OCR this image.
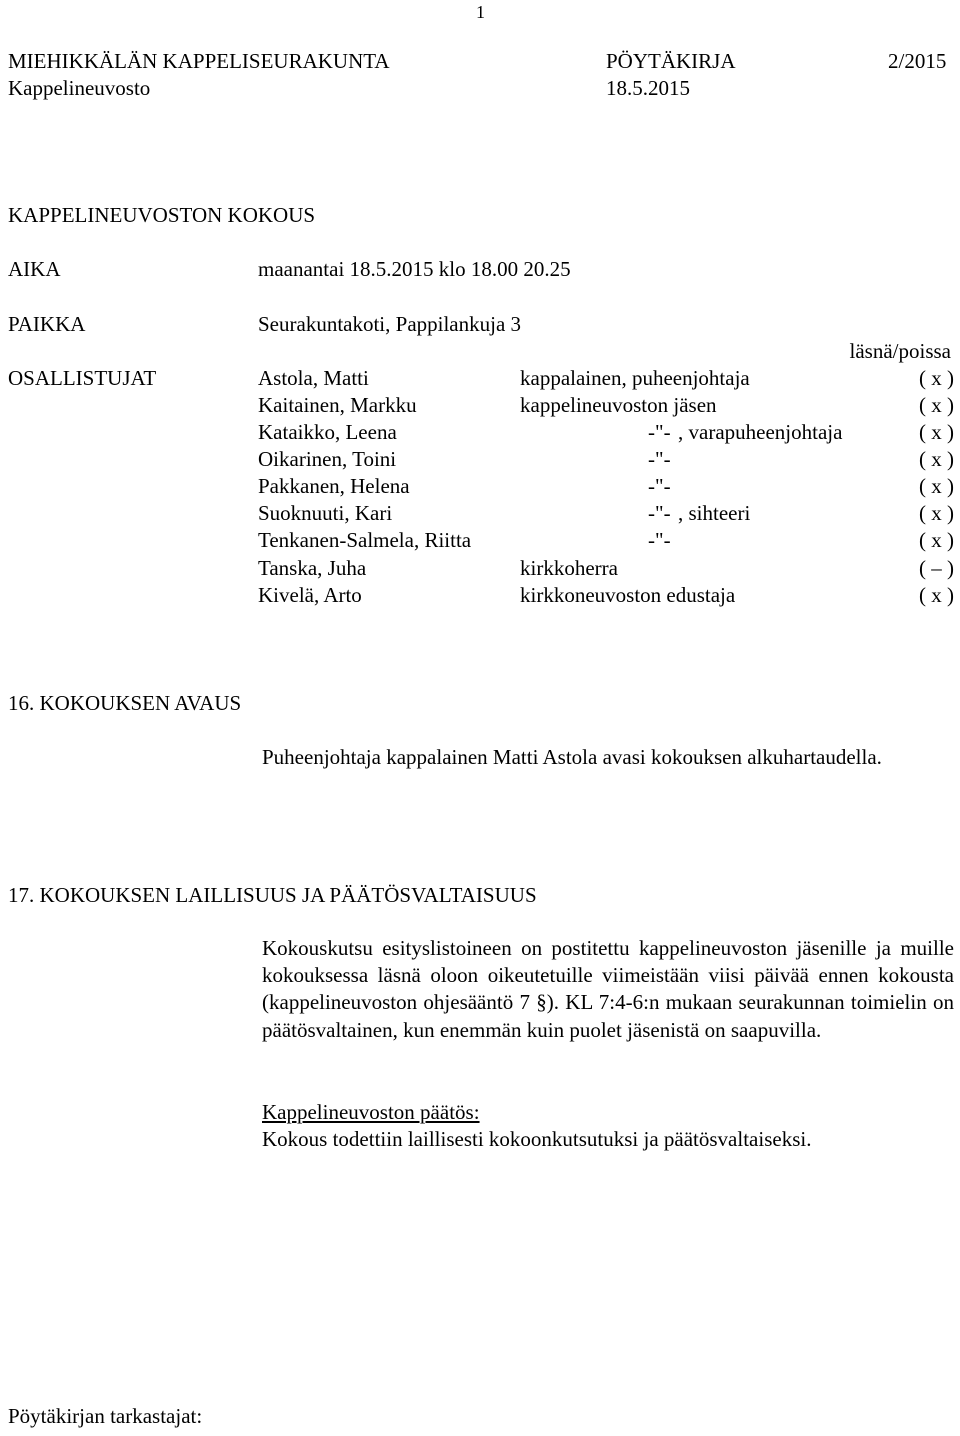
1
MIEHIKKÄLÄN KAPPELISEURAKUNTA	PÖYTÄKIRJA	2/2015
Kappelineuvosto	18.5.2015
KAPPELINEUVOSTON KOKOUS
AIKA	maanantai 18.5.2015 klo 18.00 20.25
PAIKKA	Seurakuntakoti, Pappilankuja 3
läsnä/poissa
OSALLISTUJAT	Astola, Matti	kappalainen, puheenjohtaja	( x )
Kaitainen, Markku	kappelineuvoston jäsen	( x )
Kataikko, Leena	-"- , varapuheenjohtaja	( x )
Oikarinen, Toini	-"-	( x )
Pakkanen, Helena	-"-	( x )
Suoknuuti, Kari	-"- , sihteeri	( x )
Tenkanen-Salmela, Riitta	-"-	( x )
Tanska, Juha	kirkkoherra	( – )
Kivelä, Arto	kirkkoneuvoston edustaja	( x )
16. KOKOUKSEN AVAUS
Puheenjohtaja kappalainen Matti Astola avasi kokouksen alkuhartaudella.
17. KOKOUKSEN LAILLISUUS JA PÄÄTÖSVALTAISUUS
Kokouskutsu esityslistoineen on postitettu kappelineuvoston jäsenille ja muille kokouksessa läsnä oloon oikeutetuille viimeistään viisi päivää ennen kokousta (kappelineuvoston ohjesääntö 7 §). KL 7:4-6:n mukaan seurakunnan toimielin on päätösvaltainen, kun enemmän kuin puolet jäsenistä on saapuvilla.
Kappelineuvoston päätös:
Kokous todettiin laillisesti kokoonkutsutuksi ja päätösvaltaiseksi.
Pöytäkirjan tarkastajat:
